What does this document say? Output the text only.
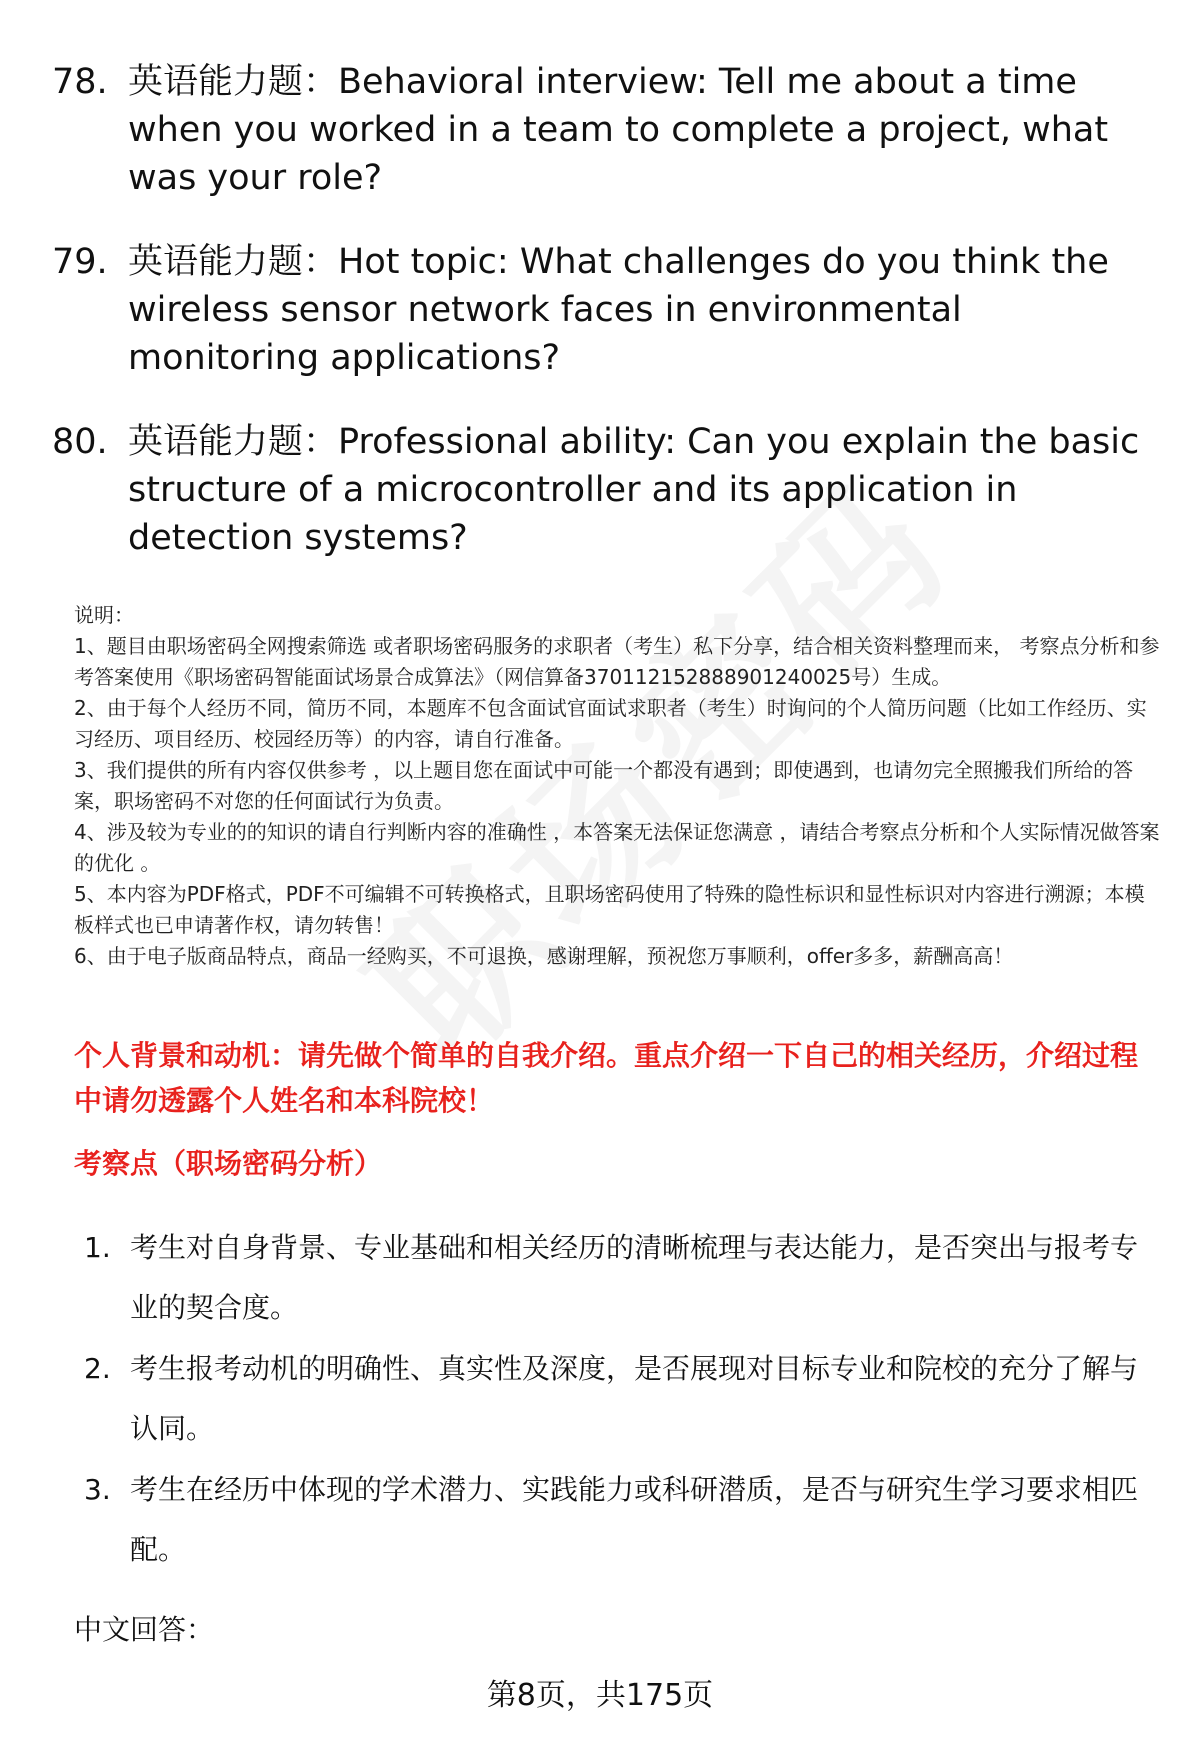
78. 英语能力题：Behavioral interview: Tell me about a time when you worked in a team to complete a project, what was your role?
79. 英语能力题：Hot topic: What challenges do you think the wireless sensor network faces in environmental monitoring applications?
80. 英语能力题：Professional ability: Can you explain the basic structure of a microcontroller and its application in detection systems?

说明：

1、题目由职场密码全网搜索筛选 或者职场密码服务的求职者（考生）私下分享，结合相关资料整理而来， 考察点分析和参考答案使用《职场密码智能面试场景合成算法》（网信算备370112152888901240025号）生成。

2、由于每个人经历不同，简历不同，本题库不包含面试官面试求职者（考生）时询问的个人简历问题（比如工作经历、实习经历、项目经历、校园经历等）的内容，请自行准备。

3、我们提供的所有内容仅供参考 ，以上题目您在面试中可能一个都没有遇到；即使遇到，也请勿完全照搬我们所给的答案，职场密码不对您的任何面试行为负责。

4、涉及较为专业的的知识的请自行判断内容的准确性 ，本答案无法保证您满意 ，请结合考察点分析和个人实际情况做答案的优化 。

5、本内容为PDF格式，PDF不可编辑不可转换格式，且职场密码使用了特殊的隐性标识和显性标识对内容进行溯源；本模板样式也已申请著作权，请勿转售！

6、由于电子版商品特点，商品一经购买，不可退换，感谢理解，预祝您万事顺利，offer多多，薪酬高高！

个人背景和动机：请先做个简单的自我介绍。重点介绍一下自己的相关经历，介绍过程中请勿透露个人姓名和本科院校！
考察点（职场密码分析）
1. 考生对自身背景、专业基础和相关经历的清晰梳理与表达能力，是否突出与报考专业的契合度。
2. 考生报考动机的明确性、真实性及深度，是否展现对目标专业和院校的充分了解与认同。
3. 考生在经历中体现的学术潜力、实践能力或科研潜质，是否与研究生学习要求相匹配。
中文回答：
第8页，共175页
